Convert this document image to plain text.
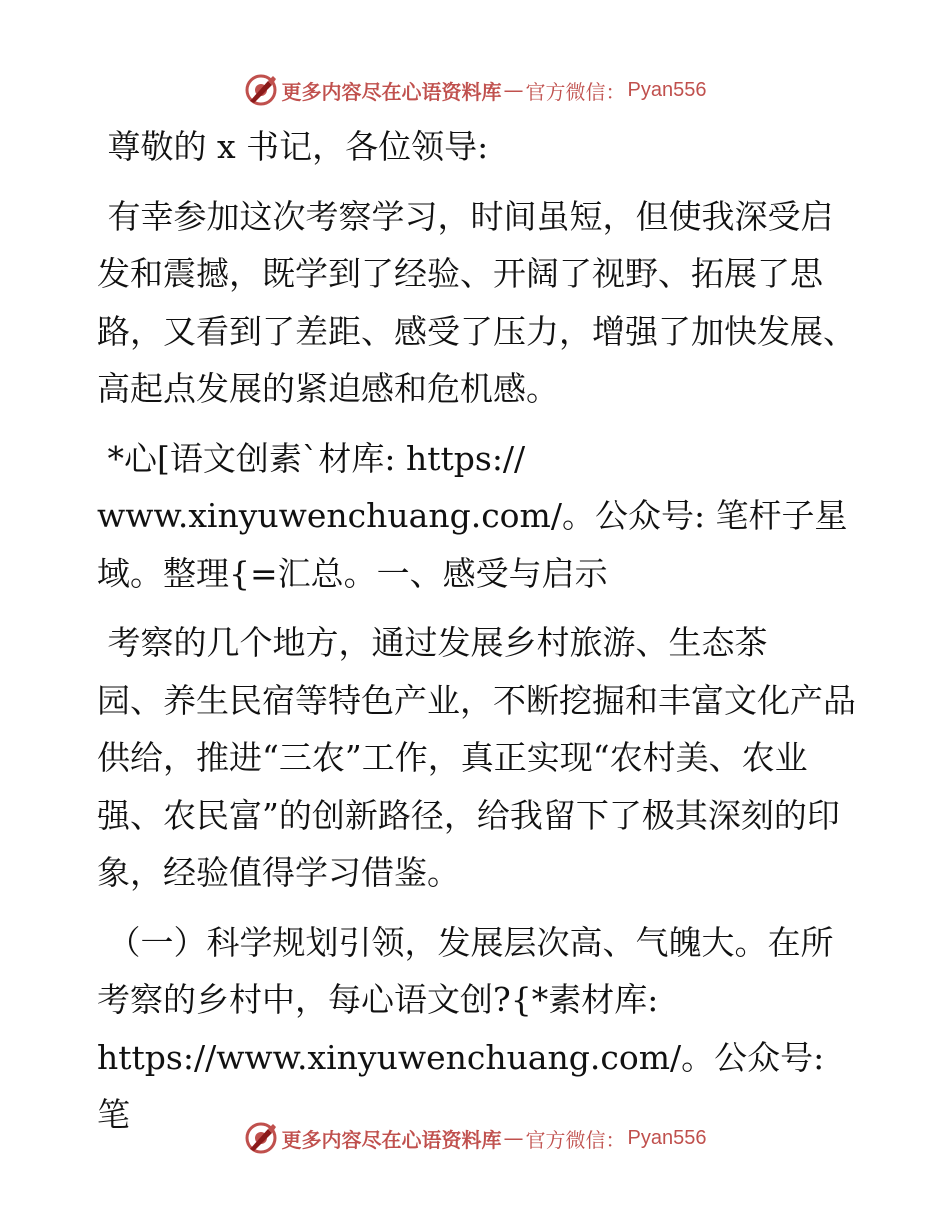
更多内容尽在心语资料库 — 官方微信： Pyan556

尊敬的 x 书记，各位领导:

有幸参加这次考察学习，时间虽短，但使我深受启发和震撼，既学到了经验、开阔了视野、拓展了思路，又看到了差距、感受了压力，增强了加快发展、高起点发展的紧迫感和危机感。

*心[语文创素`材库: https://
www.xinyuwenchuang.com/。公众号: 笔杆子星
域。整理{=汇总。一、感受与启示

考察的几个地方，通过发展乡村旅游、生态茶
园、养生民宿等特色产业，不断挖掘和丰富文化产品供给，推进“三农”工作，真正实现“农村美、农业强、农民富”的创新路径，给我留下了极其深刻的印象，经验值得学习借鉴。

（一）科学规划引领，发展层次高、气魄大。在所考察的乡村中，每心语文创?{*素材库:
https://www.xinyuwenchuang.com/。公众号: 笔

更多内容尽在心语资料库 — 官方微信： Pyan556
